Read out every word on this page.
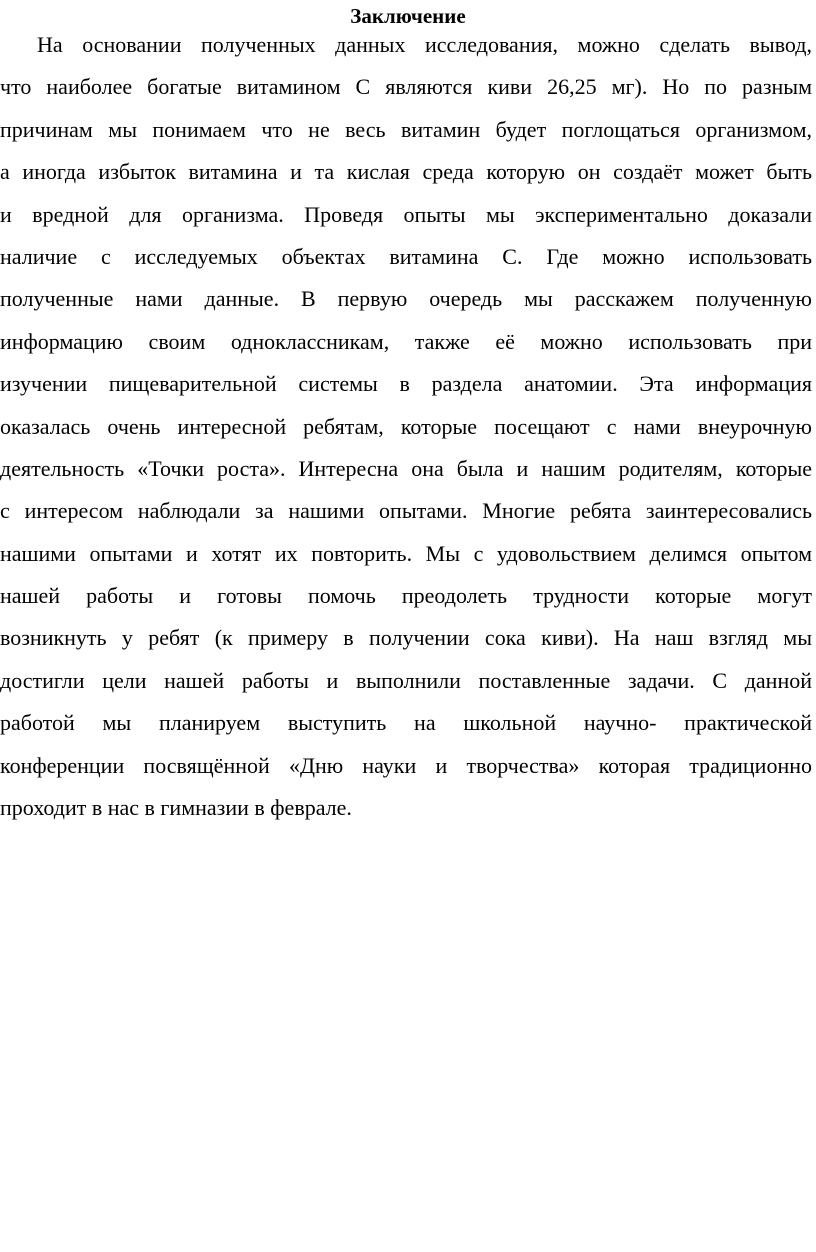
Заключение
На основании полученных данных исследования, можно сделать вывод,
что наиболее богатые витамином С являются киви 26,25 мг). Но по разным
причинам мы понимаем что не весь витамин будет поглощаться организмом,
а иногда избыток витамина и та кислая среда которую он создаёт может быть
и вредной для организма. Проведя опыты мы экспериментально доказали
наличие с исследуемых объектах витамина С. Где можно использовать
полученные нами данные. В первую очередь мы расскажем полученную
информацию своим одноклассникам, также её можно использовать при
изучении пищеварительной системы в раздела анатомии. Эта информация
оказалась очень интересной ребятам, которые посещают с нами внеурочную
деятельность «Точки роста». Интересна она была и нашим родителям, которые
с интересом наблюдали за нашими опытами. Многие ребята заинтересовались
нашими опытами и хотят их повторить. Мы с удовольствием делимся опытом
нашей работы и готовы помочь преодолеть трудности которые могут
возникнуть у ребят (к примеру в получении сока киви). На наш взгляд мы
достигли цели нашей работы и выполнили поставленные задачи. С данной
работой мы планируем выступить на школьной научно- практической
конференции посвящённой «Дню науки и творчества» которая традиционно
проходит в нас в гимназии в феврале.
